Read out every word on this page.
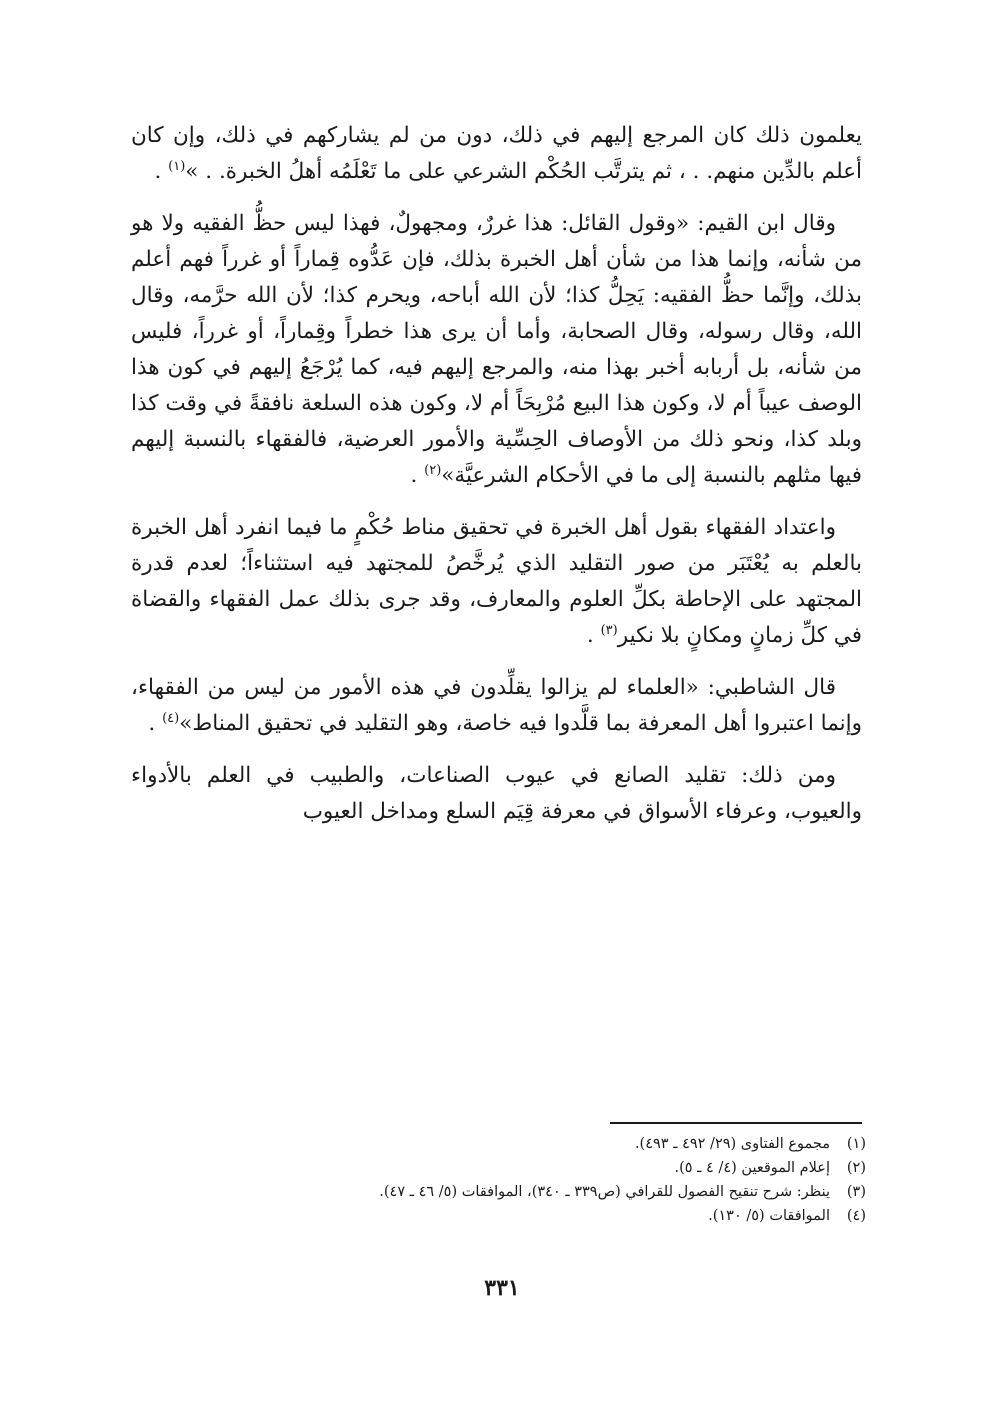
يعلمون ذلك كان المرجع إليهم في ذلك، دون من لم يشاركهم في ذلك، وإن كان أعلم بالدِّين منهم. . ، ثم يترتَّب الحُكْم الشرعي على ما تَعْلَمُه أهلُ الخبرة. . »$^{(١)}$ .

وقال ابن القيم: «وقول القائل: هذا غررٌ، ومجهولٌ، فهذا ليس حظُّ الفقيه ولا هو من شأنه، وإنما هذا من شأن أهل الخبرة بذلك، فإن عَدُّوه قِماراً أو غرراً فهم أعلم بذلك، وإنَّما حظُّ الفقيه: يَحِلُّ كذا؛ لأن الله أباحه، ويحرم كذا؛ لأن الله حرَّمه، وقال الله، وقال رسوله، وقال الصحابة، وأما أن يرى هذا خطراً وقِماراً، أو غرراً، فليس من شأنه، بل أربابه أخبر بهذا منه، والمرجع إليهم فيه، كما يُرْجَعُ إليهم في كون هذا الوصف عيباً أم لا، وكون هذا البيع مُرْبِحَاً أم لا، وكون هذه السلعة نافقةً في وقت كذا وبلد كذا، ونحو ذلك من الأوصاف الحِسِّية والأمور العرضية، فالفقهاء بالنسبة إليهم فيها مثلهم بالنسبة إلى ما في الأحكام الشرعيَّة»$^{(٢)}$ .

واعتداد الفقهاء بقول أهل الخبرة في تحقيق مناط حُكْمٍ ما فيما انفرد أهل الخبرة بالعلم به يُعْتَبَر من صور التقليد الذي يُرخَّصُ للمجتهد فيه استثناءاً؛ لعدم قدرة المجتهد على الإحاطة بكلِّ العلوم والمعارف، وقد جرى بذلك عمل الفقهاء والقضاة في كلِّ زمانٍ ومكانٍ بلا نكير$^{(٣)}$ .

قال الشاطبي: «العلماء لم يزالوا يقلِّدون في هذه الأمور من ليس من الفقهاء، وإنما اعتبروا أهل المعرفة بما قلَّدوا فيه خاصة، وهو التقليد في تحقيق المناط»$^{(٤)}$ .

ومن ذلك: تقليد الصانع في عيوب الصناعات، والطبيب في العلم بالأدواء والعيوب، وعرفاء الأسواق في معرفة قِيَم السلع ومداخل العيوب

(١)
مجموع الفتاوى (٢٩/ ٤٩٢ ـ ٤٩٣).
(٢)
إعلام الموقعين (٤/ ٤ ـ ٥).
(٣)
ينظر: شرح تنقيح الفصول للقرافي (ص٣٣٩ ـ ٣٤٠)، الموافقات (٥/ ٤٦ ـ ٤٧).
(٤)
الموافقات (٥/ ١٣٠).
٣٣١
